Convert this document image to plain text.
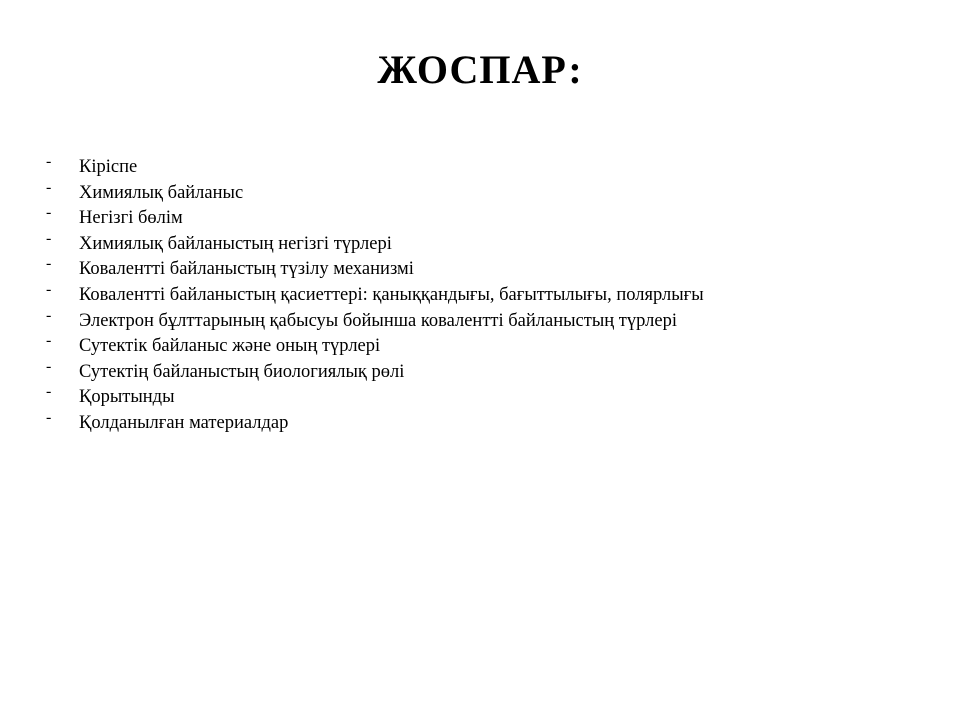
ЖОСПАР:
- Кіріспе
- Химиялық байланыс
- Негізгі бөлім
- Химиялық байланыстың негізгі түрлері
- Ковалентті байланыстың түзілу механизмі
- Ковалентті байланыстың қасиеттері: қаныққандығы, бағыттылығы, полярлығы
- Электрон бұлттарының қабысуы бойынша ковалентті байланыстың түрлері
- Сутектік байланыс және оның түрлері
- Сутектің байланыстың биологиялық рөлі
- Қорытынды
- Қолданылған материалдар
